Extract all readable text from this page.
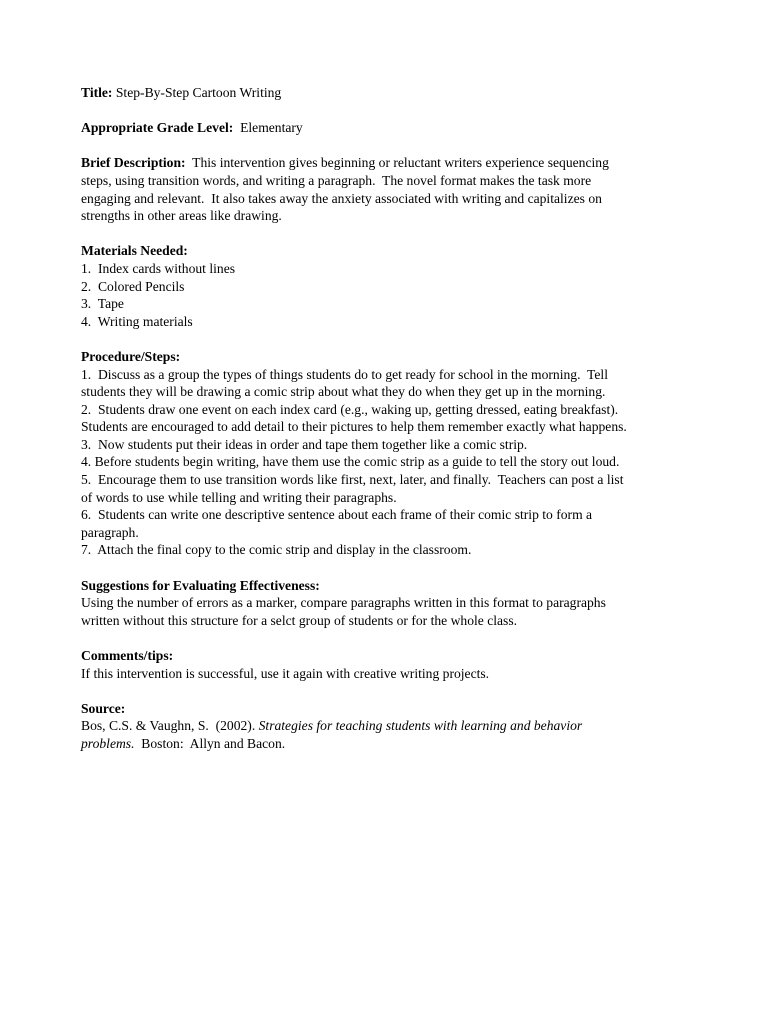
Title: Step-By-Step Cartoon Writing
Appropriate Grade Level: Elementary
Brief Description: This intervention gives beginning or reluctant writers experience sequencing
steps, using transition words, and writing a paragraph.  The novel format makes the task more
engaging and relevant.  It also takes away the anxiety associated with writing and capitalizes on
strengths in other areas like drawing.
Materials Needed:
1.  Index cards without lines
2.  Colored Pencils
3.  Tape
4.  Writing materials
Procedure/Steps:
1.  Discuss as a group the types of things students do to get ready for school in the morning.  Tell
students they will be drawing a comic strip about what they do when they get up in the morning.
2.  Students draw one event on each index card (e.g., waking up, getting dressed, eating breakfast).
Students are encouraged to add detail to their pictures to help them remember exactly what happens.
3.  Now students put their ideas in order and tape them together like a comic strip.
4. Before students begin writing, have them use the comic strip as a guide to tell the story out loud.
5.  Encourage them to use transition words like first, next, later, and finally.  Teachers can post a list
of words to use while telling and writing their paragraphs.
6.  Students can write one descriptive sentence about each frame of their comic strip to form a
paragraph.
7.  Attach the final copy to the comic strip and display in the classroom.
Suggestions for Evaluating Effectiveness:
Using the number of errors as a marker, compare paragraphs written in this format to paragraphs
written without this structure for a selct group of students or for the whole class.
Comments/tips:
If this intervention is successful, use it again with creative writing projects.
Source:
Bos, C.S. & Vaughn, S.  (2002). Strategies for teaching students with learning and behavior
problems.  Boston:  Allyn and Bacon.
